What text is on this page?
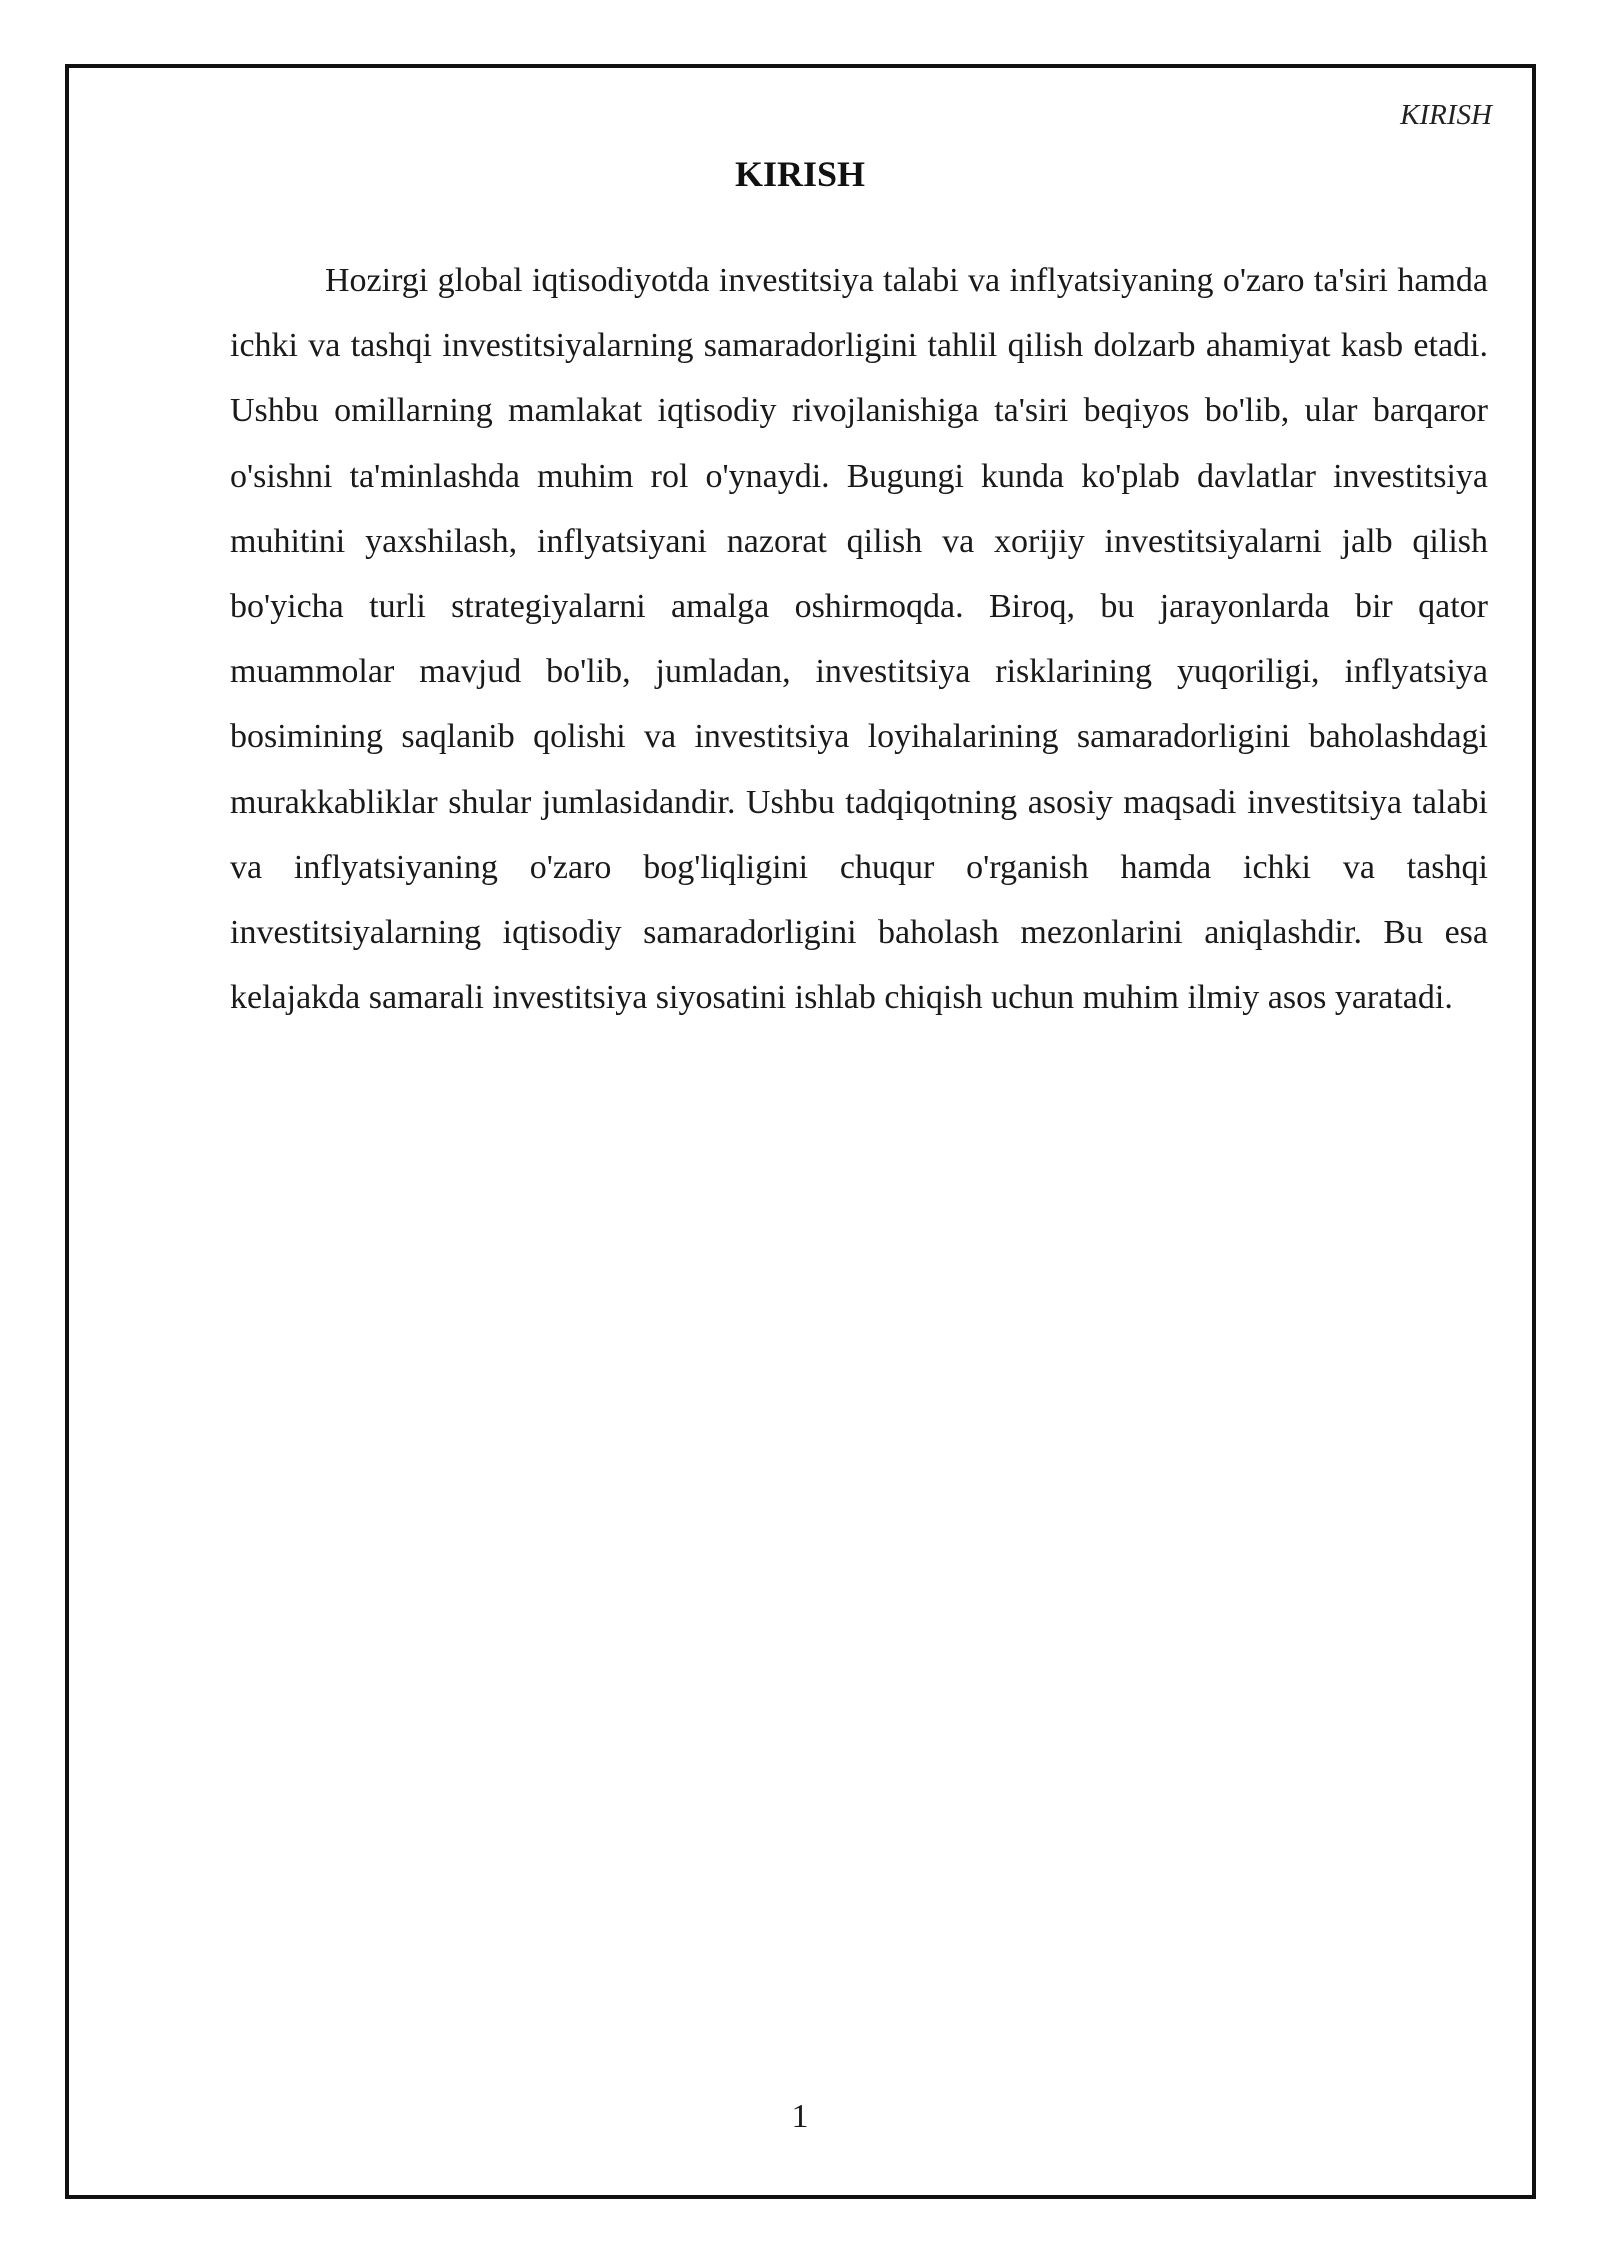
KIRISH
KIRISH

Hozirgi global iqtisodiyotda investitsiya talabi va inflyatsiyaning o'zaro ta'siri hamda ichki va tashqi investitsiyalarning samaradorligini tahlil qilish dolzarb ahamiyat kasb etadi. Ushbu omillarning mamlakat iqtisodiy rivojlanishiga ta'siri beqiyos bo'lib, ular barqaror o'sishni ta'minlashda muhim rol o'ynaydi. Bugungi kunda ko'plab davlatlar investitsiya muhitini yaxshilash, inflyatsiyani nazorat qilish va xorijiy investitsiyalarni jalb qilish bo'yicha turli strategiyalarni amalga oshirmoqda. Biroq, bu jarayonlarda bir qator muammolar mavjud bo'lib, jumladan, investitsiya risklarining yuqoriligi, inflyatsiya bosimining saqlanib qolishi va investitsiya loyihalarining samaradorligini baholashdagi murakkabliklar shular jumlasidandir. Ushbu tadqiqotning asosiy maqsadi investitsiya talabi va inflyatsiyaning o'zaro bog'liqligini chuqur o'rganish hamda ichki va tashqi investitsiyalarning iqtisodiy samaradorligini baholash mezonlarini aniqlashdir. Bu esa kelajakda samarali investitsiya siyosatini ishlab chiqish uchun muhim ilmiy asos yaratadi.

1
